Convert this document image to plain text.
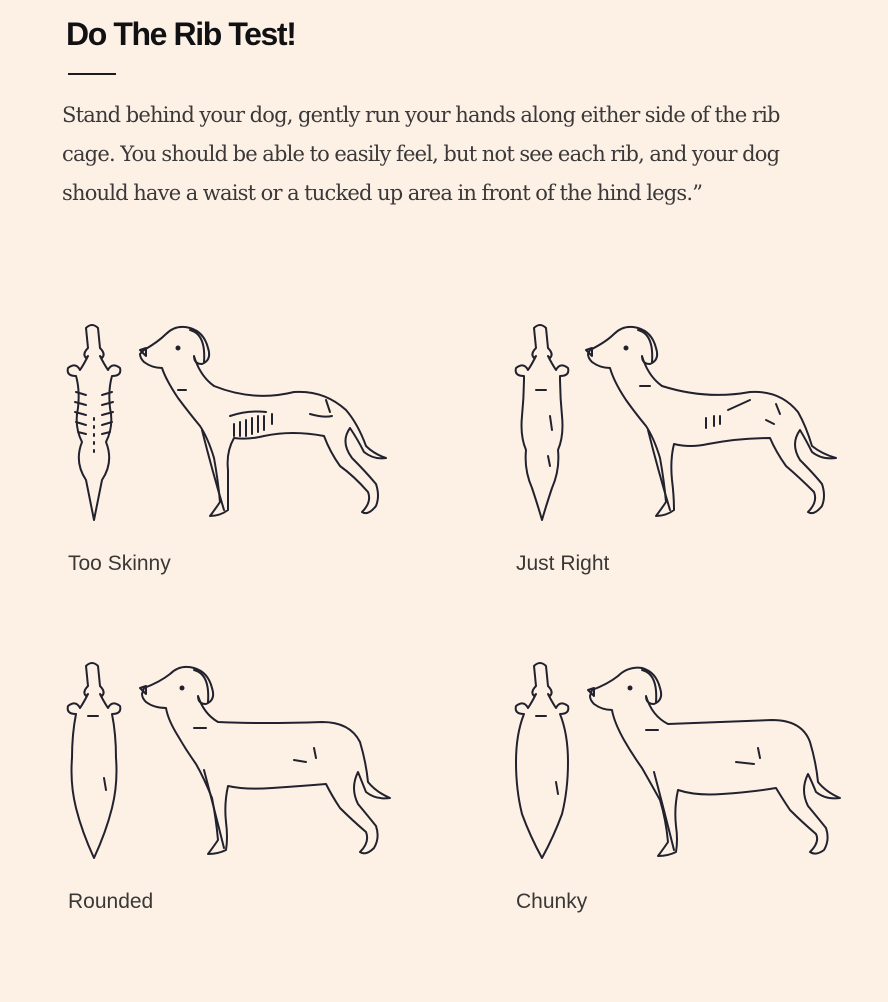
Do The Rib Test!

Stand behind your dog, gently run your hands along either side of the rib cage. You should be able to easily feel, but not see each rib, and your dog should have a waist or a tucked up area in front of the hind legs.”

Too Skinny	Just Right
Rounded	Chunky
